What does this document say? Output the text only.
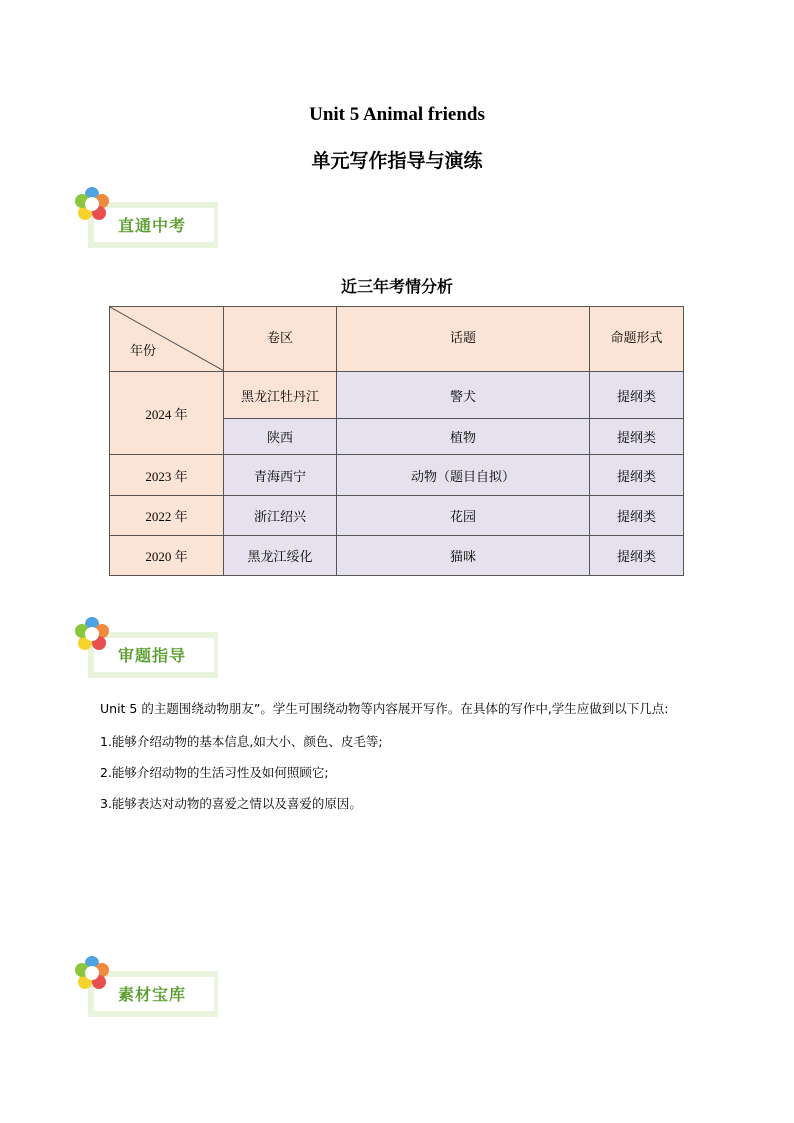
Unit 5 Animal friends
单元写作指导与演练
直通中考
近三年考情分析
年份	卷区	话题	命题形式
2024 年	黑龙江牡丹江	警犬	提纲类
	陕西	植物	提纲类
2023 年	青海西宁	动物（题目自拟）	提纲类
2022 年	浙江绍兴	花园	提纲类
2020 年	黑龙江绥化	猫咪	提纲类
审题指导
Unit 5 的主题围绕动物朋友”。学生可围绕动物等内容展开写作。在具体的写作中,学生应做到以下几点:
1.能够介绍动物的基本信息,如大小、颜色、皮毛等;
2.能够介绍动物的生活习性及如何照顾它;
3.能够表达对动物的喜爱之情以及喜爱的原因。
素材宝库
